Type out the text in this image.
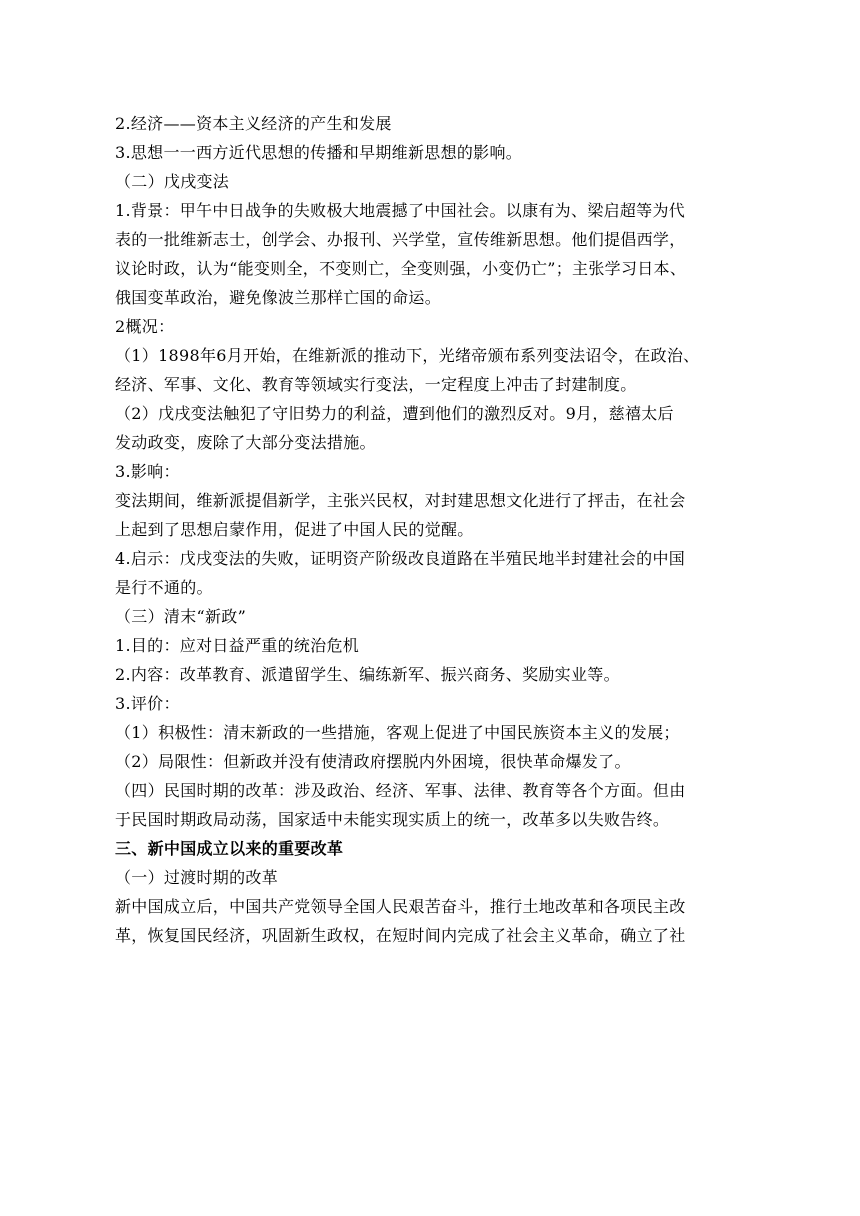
2.经济——资本主义经济的产生和发展
3.思想一一西方近代思想的传播和早期维新思想的影响。
（二）戊戌变法
1.背景：甲午中日战争的失败极大地震撼了中国社会。以康有为、梁启超等为代
表的一批维新志士，创学会、办报刊、兴学堂，宣传维新思想。他们提倡西学，
议论时政，认为“能变则全，不变则亡，全变则强，小变仍亡”；主张学习日本、
俄国变革政治，避免像波兰那样亡国的命运。
2概况：
（1）1898年6月开始，在维新派的推动下，光绪帝颁布系列变法诏令，在政治、
经济、军事、文化、教育等领域实行变法，一定程度上冲击了封建制度。
（2）戊戌变法触犯了守旧势力的利益，遭到他们的激烈反对。9月，慈禧太后
发动政变，废除了大部分变法措施。
3.影响：
变法期间，维新派提倡新学，主张兴民权，对封建思想文化进行了抨击，在社会
上起到了思想启蒙作用，促进了中国人民的觉醒。
4.启示：戊戌变法的失败，证明资产阶级改良道路在半殖民地半封建社会的中国
是行不通的。
（三）清末“新政”
1.目的：应对日益严重的统治危机
2.内容：改革教育、派遣留学生、编练新军、振兴商务、奖励实业等。
3.评价：
（1）积极性：清末新政的一些措施，客观上促进了中国民族资本主义的发展；
（2）局限性：但新政并没有使清政府摆脱内外困境，很快革命爆发了。
（四）民国时期的改革：涉及政治、经济、军事、法律、教育等各个方面。但由
于民国时期政局动荡，国家适中未能实现实质上的统一，改革多以失败告终。
三、新中国成立以来的重要改革
（一）过渡时期的改革
新中国成立后，中国共产党领导全国人民艰苦奋斗，推行土地改革和各项民主改
革，恢复国民经济，巩固新生政权，在短时间内完成了社会主义革命，确立了社
